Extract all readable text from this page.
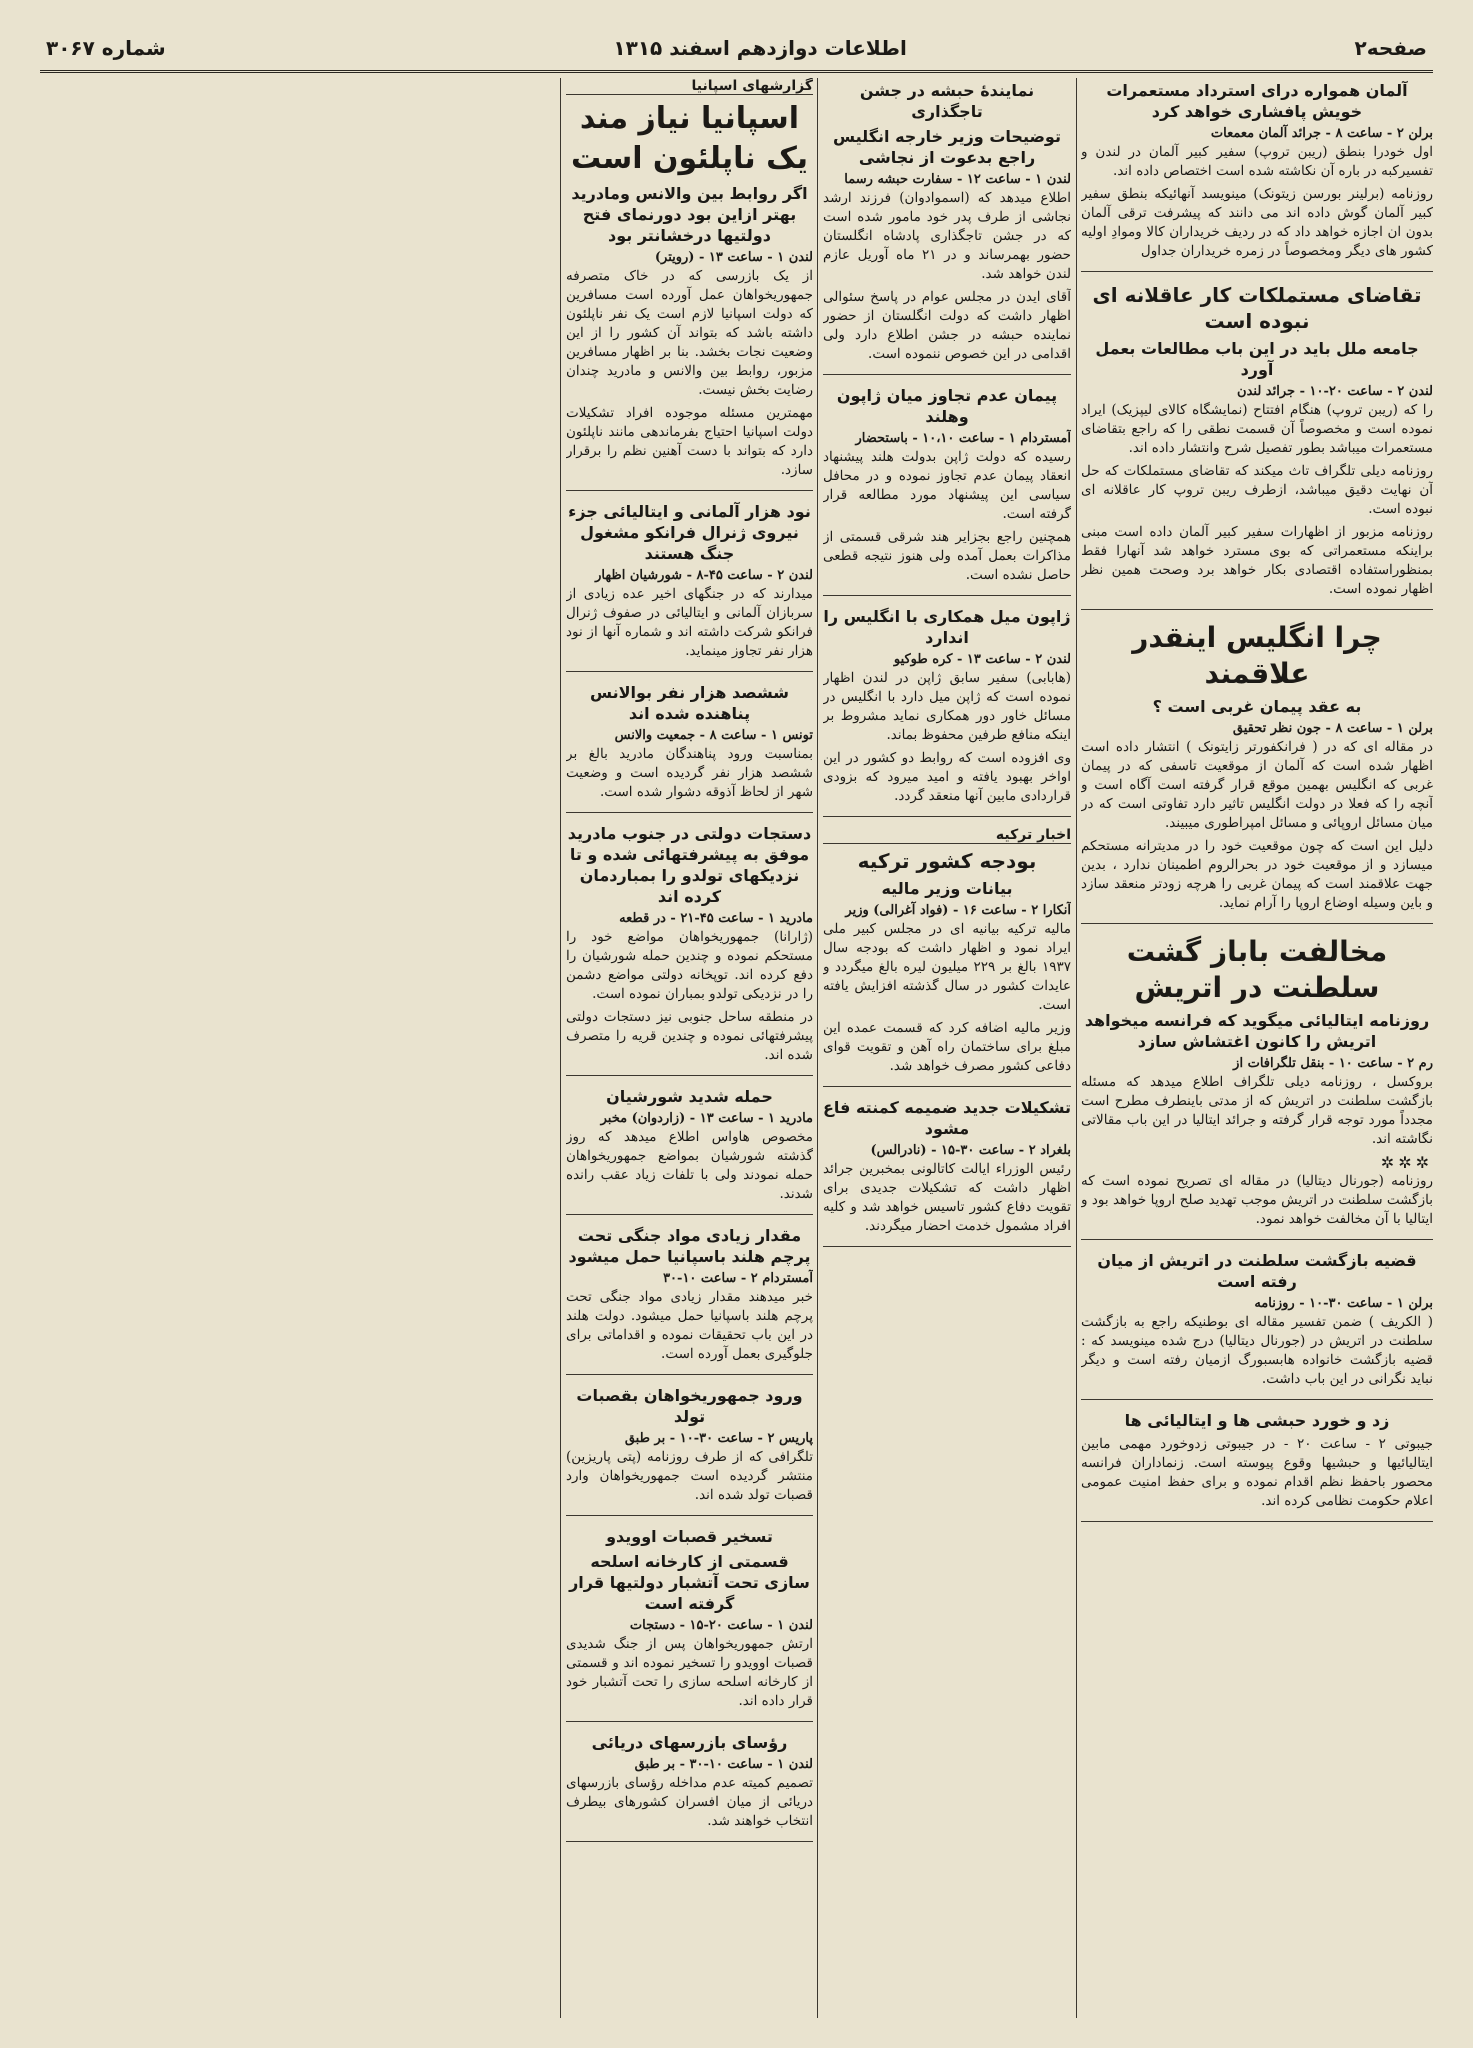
صفحه۲
اطلاعات دوازدهم اسفند ۱۳۱۵
شماره ۳۰۶۷
آلمان همواره درای استرداد مستعمرات خویش پافشاری خواهد کرد
برلن ۲ - ساعت ۸ - جرائد آلمان معمعات

اول خودرا بنطق (ریبن تروپ) سفیر کبیر آلمان در لندن و تفسیرکبه در باره آن نکاشته شده است اختصاص داده اند.

روزنامه (برلینر بورسن زیتونک) مینویسد آنهائیکه بنطق سفیر کبیر آلمان گوش داده اند می دانند که پیشرفت ترقی آلمان بدون ان اجازه خواهد داد که در ردیف خریداران کالا وموادِ اولیه کشور های دیگر ومخصوصاً در زمره خریداران جداول

تقاضای مستملکات کار عاقلانه ای نبوده است
جامعه ملل باید در این باب مطالعات بعمل آورد
لندن ۲ - ساعت ۲۰-۱۰ - جرائد لندن

را که (ریبن تروپ) هنگام افتتاح (نمایشگاه کالای لیپزیک) ایراد نموده است و مخصوصاً آن قسمت نطقی را که راجع بتقاضای مستعمرات میباشد بطور تفصیل شرح وانتشار داده اند.

روزنامه دیلی تلگراف تاث میکند که تقاضای مستملکات که حل آن نهایت دقیق میباشد، ازطرف ریبن تروپ کار عاقلانه ای نبوده است.

روزنامه مزبور از اظهارات سفیر کبیر آلمان داده است مبنی براینکه مستعمراتی که بوی مسترد خواهد شد آنهارا فقط بمنظوراستفاده اقتصادی بکار خواهد برد وصحت همین نظر اظهار نموده است.

چرا انگلیس اینقدر علاقمند
به عقد پیمان غربی است ؟
برلن ۱ - ساعت ۸ - جون نظر تحقیق

در مقاله ای که در ( فرانکفورتر زایتونک ) انتشار داده است اظهار شده است که آلمان از موقعیت تاسفی که در پیمان غربی که انگلیس بهمین موقع قرار گرفته است آگاه است و آنچه را که فعلا در دولت انگلیس تاثیر دارد تفاوتی است که در میان مسائل اروپائی و مسائل امپراطوری میبیند.

دلیل این است که چون موقعیت خود را در مدیترانه مستحکم میسازد و از موقعیت خود در بحرالروم اطمینان ندارد ، بدین جهت علاقمند است که پیمان غربی را هرچه زودتر منعقد سازد و باین وسیله اوضاع اروپا را آرام نماید.

مخالفت باباز گشت سلطنت در اتریش
روزنامه ایتالیائی میگوید که فرانسه میخواهد اتریش را کانون اغتشاش سازد
رم ۲ - ساعت ۱۰ - بنقل تلگرافات از

بروکسل ، روزنامه دیلی تلگراف اطلاع میدهد که مسئله بازگشت سلطنت در اتریش که از مدتی باینطرف مطرح است مجدداً مورد توجه قرار گرفته و جرائد ایتالیا در این باب مقالاتی نگاشته اند.

✲✲✲

روزنامه (جورنال دیتالیا) در مقاله ای تصریح نموده است که بازگشت سلطنت در اتریش موجب تهدید صلح اروپا خواهد بود و ایتالیا با آن مخالفت خواهد نمود.

قضیه بازگشت سلطنت در اتریش از میان رفته است
برلن ۱ - ساعت ۳۰-۱۰ - روزنامه

( الکریف ) ضمن تفسیر مقاله ای بوطنیکه راجع به بازگشت سلطنت در اتریش در (جورنال دیتالیا) درج شده مینویسد که : قضیه بازگشت خانواده هابسبورگ ازمیان رفته است و دیگر نباید نگرانی در این باب داشت.

زد و خورد حبشی ها و ایتالیائی ها

جیبوتی ۲ - ساعت ۲۰ - در جیبوتی زدوخورد مهمی مابین ایتالیائیها و حبشیها وقوع پیوسته است. زنماداران فرانسه محصور باحفظ نظم اقدام نموده و برای حفظ امنیت عمومی اعلام حکومت نظامی کرده اند.

نمایندهٔ حبشه در جشن تاجگذاری
توضیحات وزیر خارجه انگلیس راجع بدعوت از نجاشی
لندن ۱ - ساعت ۱۲ - سفارت حبشه رسما

اطلاع میدهد که (اسموادوان) فرزند ارشد نجاشی از طرف پدر خود مامور شده است که در جشن تاجگذاری پادشاه انگلستان حضور بهمرساند و در ۲۱ ماه آوریل عازم لندن خواهد شد.

آقای ایدن در مجلس عوام در پاسخ سئوالی اظهار داشت که دولت انگلستان از حضور نماینده حبشه در جشن اطلاع دارد ولی اقدامی در این خصوص ننموده است.

پیمان عدم تجاوز میان ژاپون وهلند
آمستردام ۱ - ساعت ۱۰،۱۰ - باستحضار

رسیده که دولت ژاپن بدولت هلند پیشنهاد انعقاد پیمان عدم تجاوز نموده و در محافل سیاسی این پیشنهاد مورد مطالعه قرار گرفته است.

همچنین راجع بجزایر هند شرقی قسمتی از مذاکرات بعمل آمده ولی هنوز نتیجه قطعی حاصل نشده است.

ژاپون میل همکاری با انگلیس را اندارد
لندن ۲ - ساعت ۱۳ - کره طوکیو

(هابابی) سفیر سابق ژاپن در لندن اظهار نموده است که ژاپن میل دارد با انگلیس در مسائل خاور دور همکاری نماید مشروط بر اینکه منافع طرفین محفوظ بماند.

وی افزوده است که روابط دو کشور در این اواخر بهبود یافته و امید میرود که بزودی قراردادی مابین آنها منعقد گردد.

اخبار ترکیه
بودجه کشور ترکیه
بیانات وزیر مالیه
آنکارا ۲ - ساعت ۱۶ - (فواد آغرالی) وزیر

مالیه ترکیه بیانیه ای در مجلس کبیر ملی ایراد نمود و اظهار داشت که بودجه سال ۱۹۳۷ بالغ بر ۲۲۹ میلیون لیره بالغ میگردد و عایدات کشور در سال گذشته افزایش یافته است.

وزیر مالیه اضافه کرد که قسمت عمده این مبلغ برای ساختمان راه آهن و تقویت قوای دفاعی کشور مصرف خواهد شد.

تشکیلات جدید ضمیمه کمنته فاع مشود
بلغراد ۲ - ساعت ۳۰-۱۵ - (نادرالس)

رئیس الوزراء ایالت کاتالونی بمخبرین جرائد اظهار داشت که تشکیلات جدیدی برای تقویت دفاع کشور تاسیس خواهد شد و کلیه افراد مشمول خدمت احضار میگردند.

گزارشهای اسپانیا
اسپانیا نیاز مند یک ناپلئون است
اگر روابط بین والانس ومادرید بهتر ازاین بود دورنمای فتح دولتیها درخشانتر بود
لندن ۱ - ساعت ۱۳ - (رویتر)

از یک بازرسی که در خاک متصرفه جمهوریخواهان عمل آورده است مسافرین که دولت اسپانیا لازم است یک نفر ناپلئون داشته باشد که بتواند آن کشور را از این وضعیت نجات بخشد. بنا بر اظهار مسافرین مزبور، روابط بین والانس و مادرید چندان رضایت بخش نیست.

مهمترین مسئله موجوده افراد تشکیلات دولت اسپانیا احتیاج بفرماندهی مانند ناپلئون دارد که بتواند با دست آهنین نظم را برقرار سازد.

نود هزار آلمانی و ایتالیائی جزء نیروی ژنرال فرانکو مشغول جنگ هستند
لندن ۲ - ساعت ۴۵-۸ - شورشیان اظهار

میدارند که در جنگهای اخیر عده زیادی از سربازان آلمانی و ایتالیائی در صفوف ژنرال فرانکو شرکت داشته اند و شماره آنها از نود هزار نفر تجاوز مینماید.

ششصد هزار نفر بوالانس پناهنده شده اند
تونس ۱ - ساعت ۸ - جمعیت والانس

بمناسبت ورود پناهندگان مادرید بالغ بر ششصد هزار نفر گردیده است و وضعیت شهر از لحاظ آذوقه دشوار شده است.

دستجات دولتی در جنوب مادرید موفق به پیشرفتهائی شده و تا نزدیکهای تولدو را بمباردمان کرده اند
مادرید ۱ - ساعت ۴۵-۲۱ - در قطعه

(ژارانا) جمهوریخواهان مواضع خود را مستحکم نموده و چندین حمله شورشیان را دفع کرده اند. توپخانه دولتی مواضع دشمن را در نزدیکی تولدو بمباران نموده است.

در منطقه ساحل جنوبی نیز دستجات دولتی پیشرفتهائی نموده و چندین قریه را متصرف شده اند.

حمله شدید شورشیان
مادرید ۱ - ساعت ۱۳ - (زاردوان) مخبر

مخصوص هاواس اطلاع میدهد که روز گذشته شورشیان بمواضع جمهوریخواهان حمله نمودند ولی با تلفات زیاد عقب رانده شدند.

مقدار زیادی مواد جنگی تحت پرچم هلند باسپانیا حمل میشود
آمستردام ۲ - ساعت ۱۰-۳۰

خبر میدهند مقدار زیادی مواد جنگی تحت پرچم هلند باسپانیا حمل میشود. دولت هلند در این باب تحقیقات نموده و اقداماتی برای جلوگیری بعمل آورده است.

ورود جمهوریخواهان بقصبات تولد
پاریس ۲ - ساعت ۳۰-۱۰ - بر طبق

تلگرافی که از طرف روزنامه (پتی پاریزین) منتشر گردیده است جمهوریخواهان وارد قصبات تولد شده اند.

تسخیر قصبات اوویدو
قسمتی از کارخانه اسلحه سازی تحت آتشبار دولتیها قرار گرفته است
لندن ۱ - ساعت ۲۰-۱۵ - دستجات

ارتش جمهوریخواهان پس از جنگ شدیدی قصبات اوویدو را تسخیر نموده اند و قسمتی از کارخانه اسلحه سازی را تحت آتشبار خود قرار داده اند.

رؤسای بازرسهای دریائی
لندن ۱ - ساعت ۱۰-۳۰ - بر طبق

تصمیم کمیته عدم مداخله رؤسای بازرسهای دریائی از میان افسران کشورهای بیطرف انتخاب خواهند شد.
